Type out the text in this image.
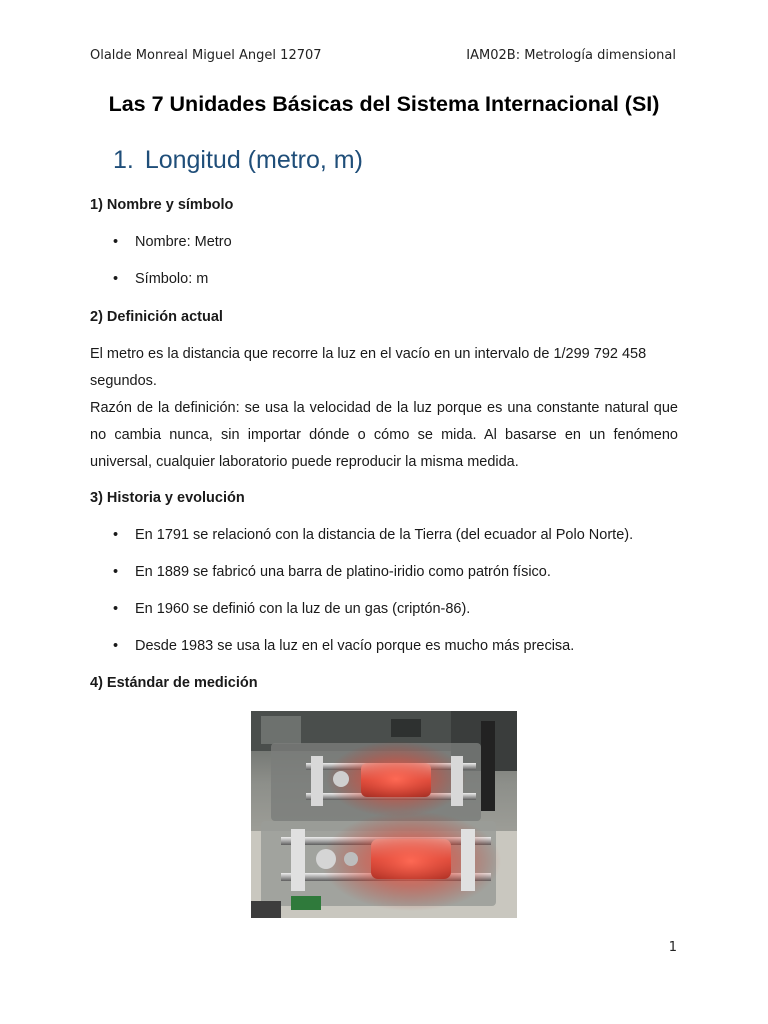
Olalde Monreal Miguel Angel 12707	IAM02B: Metrología dimensional
Las 7 Unidades Básicas del Sistema Internacional (SI)
1. Longitud (metro, m)
1) Nombre y símbolo
• Nombre: Metro
• Símbolo: m
2) Definición actual
El metro es la distancia que recorre la luz en el vacío en un intervalo de 1/299 792 458 segundos.
Razón de la definición: se usa la velocidad de la luz porque es una constante natural que no cambia nunca, sin importar dónde o cómo se mida. Al basarse en un fenómeno universal, cualquier laboratorio puede reproducir la misma medida.
3) Historia y evolución
• En 1791 se relacionó con la distancia de la Tierra (del ecuador al Polo Norte).
• En 1889 se fabricó una barra de platino-iridio como patrón físico.
• En 1960 se definió con la luz de un gas (criptón-86).
• Desde 1983 se usa la luz en el vacío porque es mucho más precisa.
4) Estándar de medición
1
